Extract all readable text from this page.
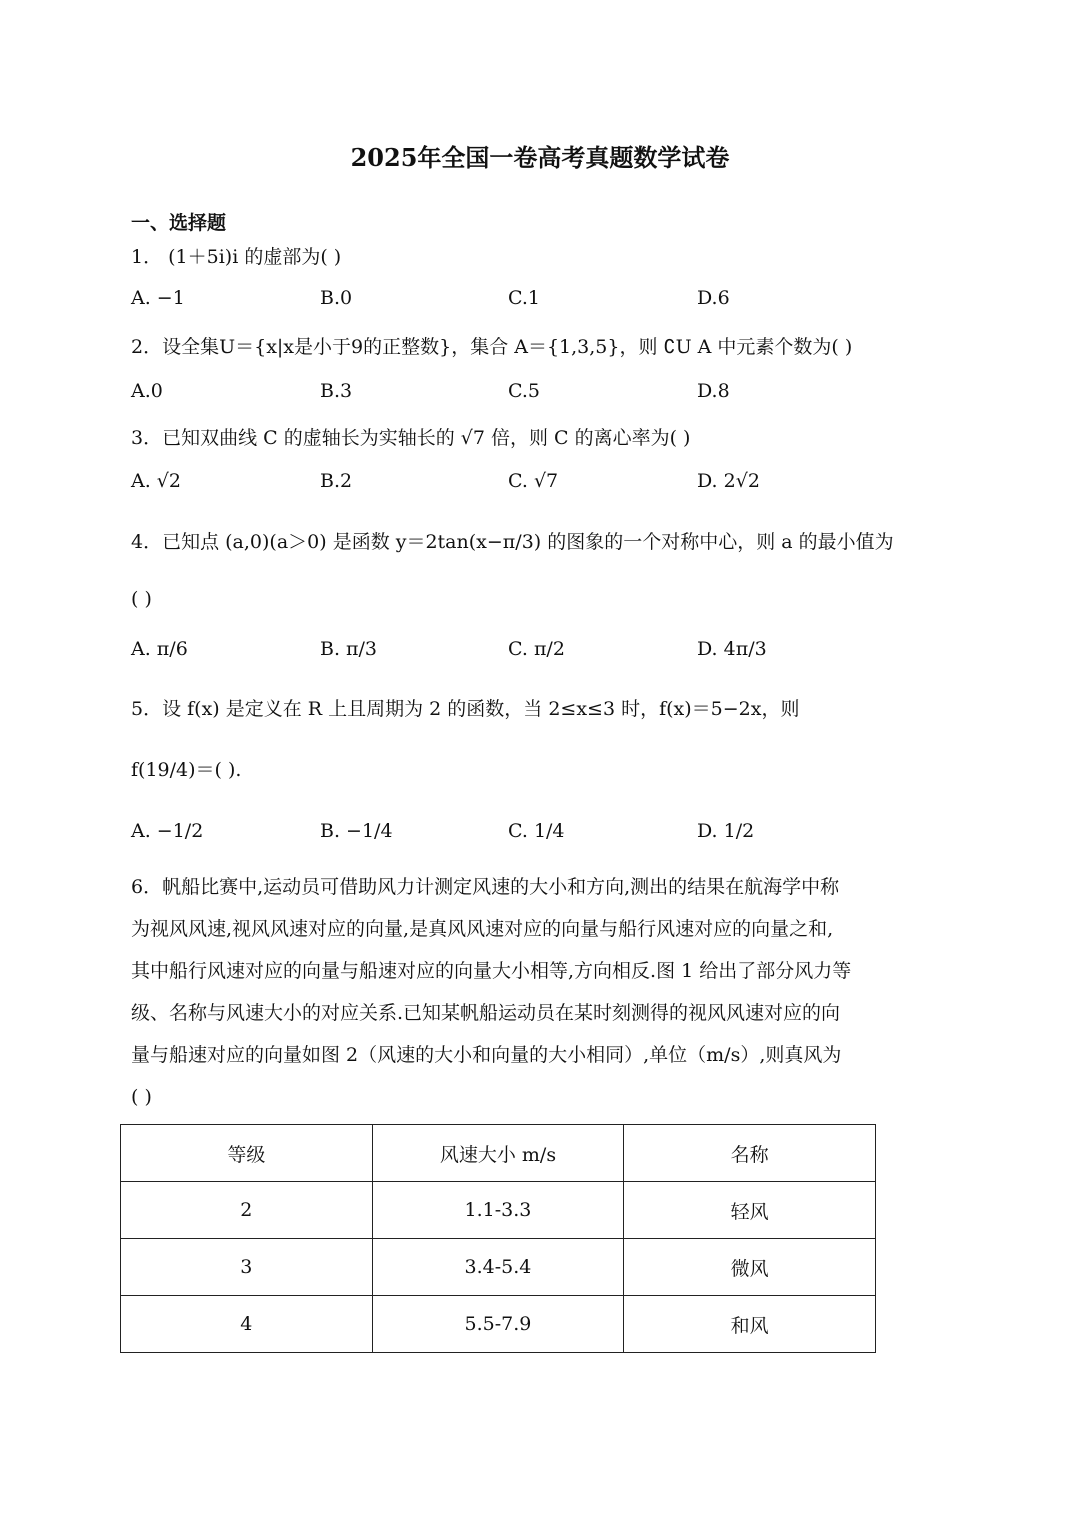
2025年全国一卷高考真题数学试卷
一、选择题
1． (1＋5i)i 的虚部为( )
A. −1	B.0	C.1	D.6
2．设全集U＝{x|x是小于9的正整数}，集合 A＝{1,3,5}，则 ∁U A 中元素个数为( )
A.0	B.3	C.5	D.8
3．已知双曲线 C 的虚轴长为实轴长的 √7 倍，则 C 的离心率为( )
A. √2	B.2	C. √7	D. 2√2
4．已知点 (a,0)(a＞0) 是函数 y＝2tan(x−π/3) 的图象的一个对称中心，则 a 的最小值为
( )
A. π/6	B. π/3	C. π/2	D. 4π/3
5．设 f(x) 是定义在 R 上且周期为 2 的函数，当 2≤x≤3 时，f(x)＝5−2x，则
f(19/4)＝( ).
A. −1/2	B. −1/4	C. 1/4	D. 1/2
6．帆船比赛中,运动员可借助风力计测定风速的大小和方向,测出的结果在航海学中称
为视风风速,视风风速对应的向量,是真风风速对应的向量与船行风速对应的向量之和,
其中船行风速对应的向量与船速对应的向量大小相等,方向相反.图 1 给出了部分风力等
级、名称与风速大小的对应关系.已知某帆船运动员在某时刻测得的视风风速对应的向
量与船速对应的向量如图 2（风速的大小和向量的大小相同）,单位（m/s）,则真风为
( )
等级	风速大小 m/s	名称
2	1.1-3.3	轻风
3	3.4-5.4	微风
4	5.5-7.9	和风
